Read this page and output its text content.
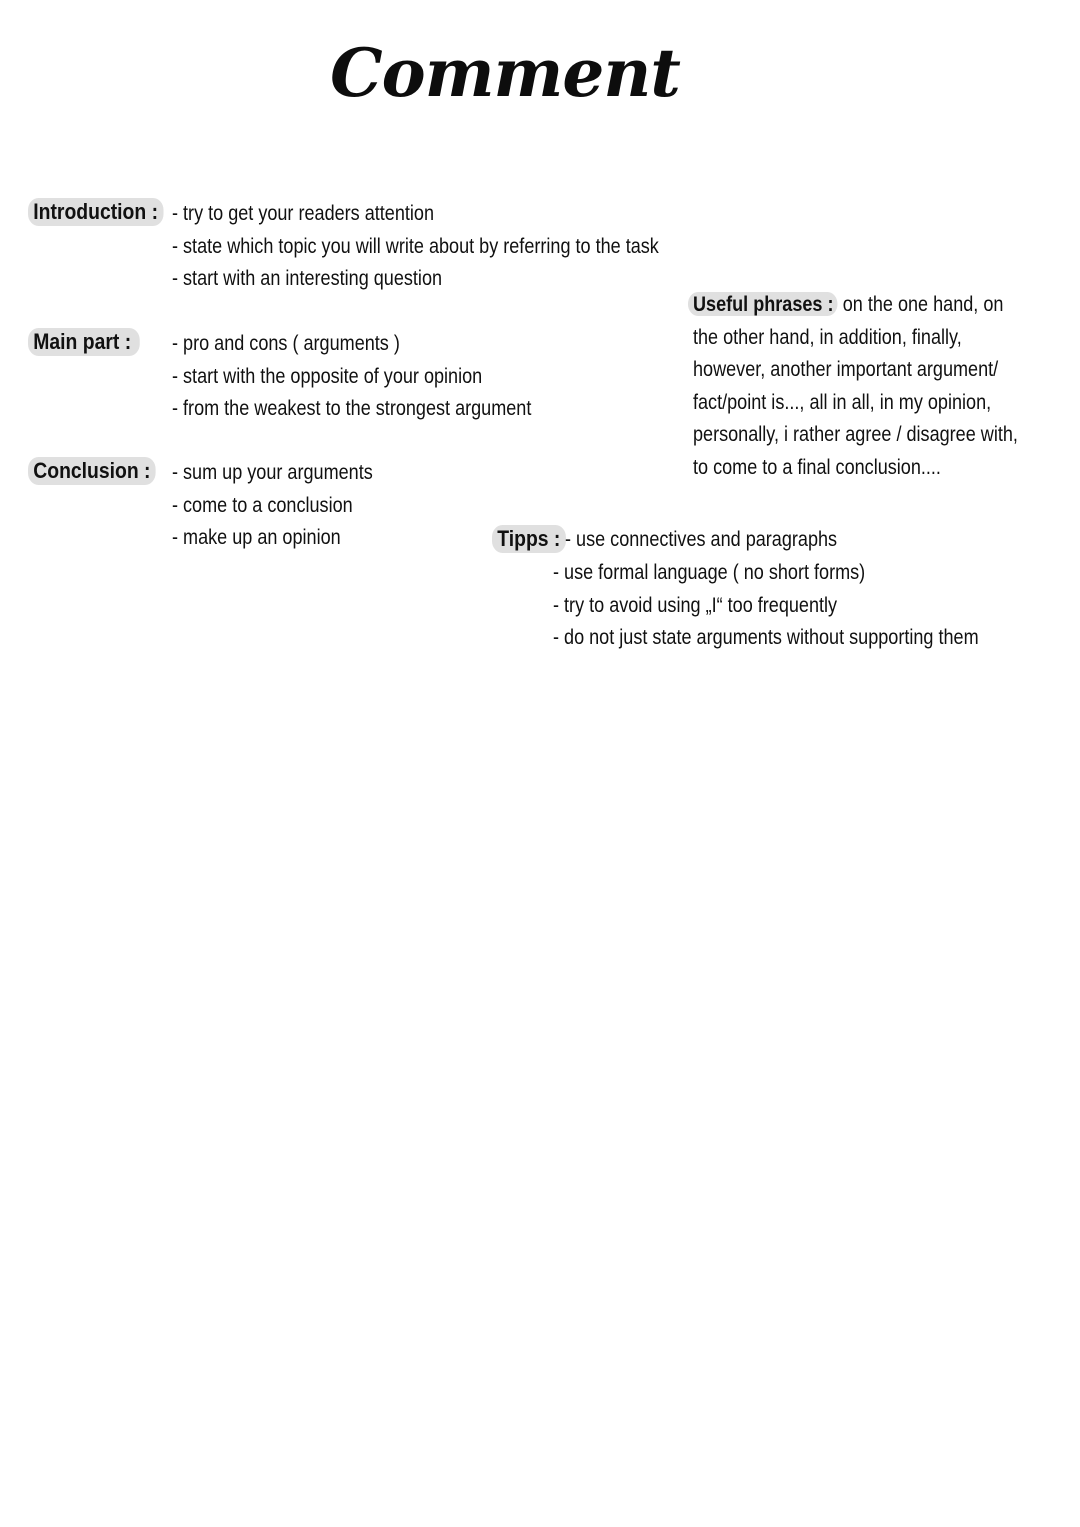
Comment
Introduction : - try to get your readers attention
- state which topic you will write about by referring to the task
- start with an interesting question
Main part :	- pro and cons ( arguments )
- start with the opposite of your opinion
- from the weakest to the strongest argument
Conclusion : - sum up your arguments
- come to a conclusion
- make up an opinion
Useful phrases : on the one hand, on
the other hand, in addition, finally,
however, another important argument/
fact/point is..., all in all, in my opinion,
personally, i rather agree / disagree with,
to come to a final conclusion....
Tipps : - use connectives and paragraphs
- use formal language ( no short forms)
- try to avoid using „I“ too frequently
- do not just state arguments without supporting them
